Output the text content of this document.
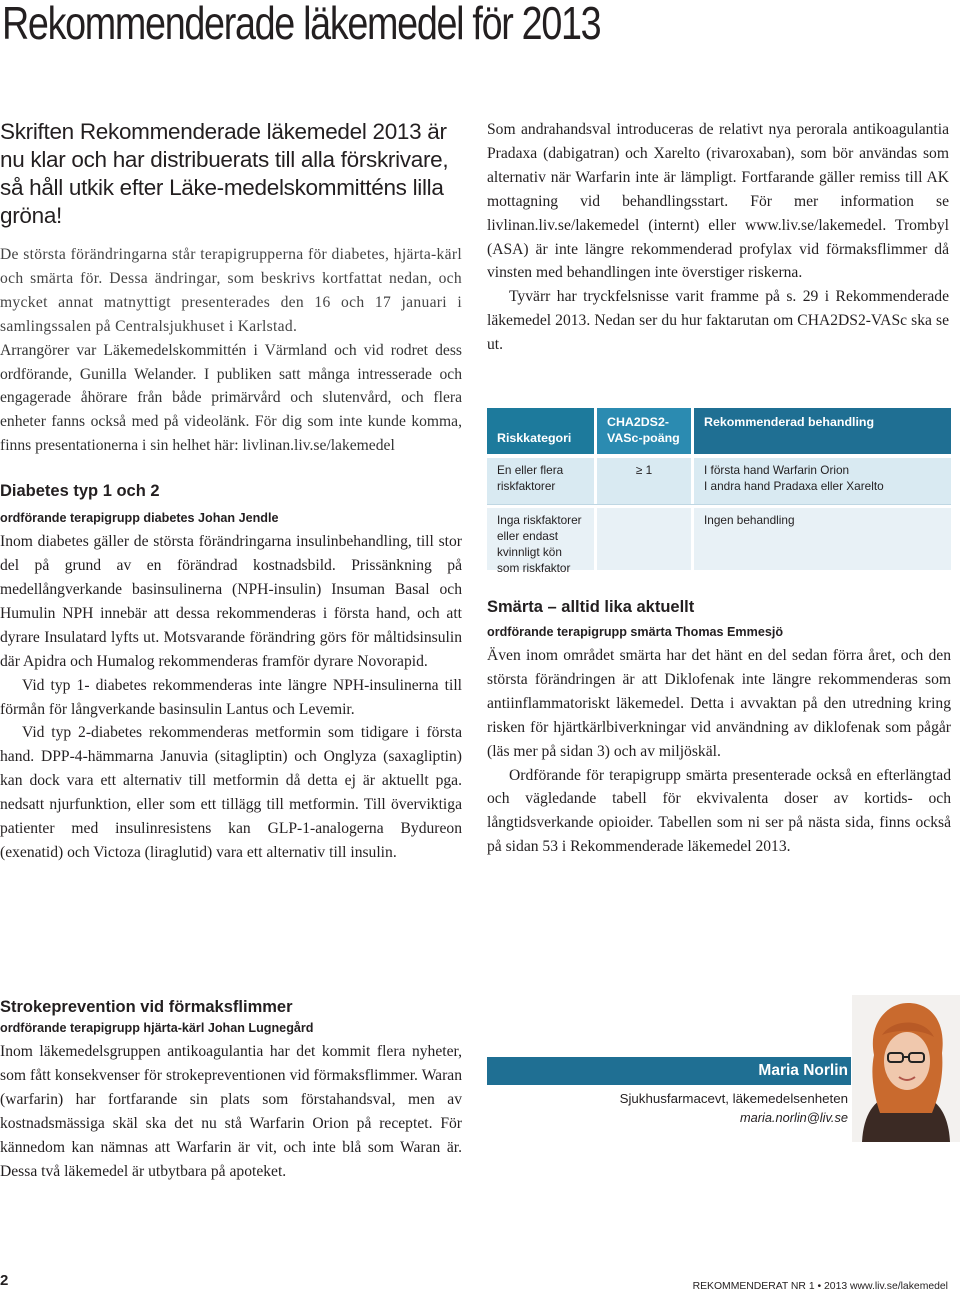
Rekommenderade läkemedel för 2013
Skriften Rekommenderade läkemedel 2013 är nu klar och har distribuerats till alla förskrivare, så håll utkik efter Läke-medelskommitténs lilla gröna!

De största förändringarna står terapigrupperna för diabetes, hjärta-kärl och smärta för. Dessa ändringar, som beskrivs kortfattat nedan, och mycket annat matnyttigt presenterades den 16 och 17 januari i samlingssalen på Centralsjukhuset i Karlstad.

Arrangörer var Läkemedelskommittén i Värmland och vid rodret dess ordförande, Gunilla Welander. I publiken satt många intresserade och engagerade åhörare från både primärvård och slutenvård, och flera enheter fanns också med på videolänk. För dig som inte kunde komma, finns presentationerna i sin helhet här: livlinan.liv.se/lakemedel

Diabetes typ 1 och 2
ordförande terapigrupp diabetes Johan Jendle

Inom diabetes gäller de största förändringarna insulinbehandling, till stor del på grund av en förändrad kostnadsbild. Prissänkning på medellångverkande basinsulinerna (NPH-insulin) Insuman Basal och Humulin NPH innebär att dessa rekommenderas i första hand, och att dyrare Insulatard lyfts ut. Motsvarande förändring görs för måltidsinsulin där Apidra och Humalog rekommenderas framför dyrare Novorapid.

Vid typ 1- diabetes rekommenderas inte längre NPH-insulinerna till förmån för långverkande basinsulin Lantus och Levemir.

Vid typ 2-diabetes rekommenderas metformin som tidigare i första hand. DPP-4-hämmarna Januvia (sitagliptin) och Onglyza (saxagliptin) kan dock vara ett alternativ till metformin då detta ej är aktuellt pga. nedsatt njurfunktion, eller som ett tillägg till metformin. Till överviktiga patienter med insulinresistens kan GLP-1-analogerna Bydureon (exenatid) och Victoza (liraglutid) vara ett alternativ till insulin.

Strokeprevention vid förmaksflimmer
ordförande terapigrupp hjärta-kärl Johan Lugnegård

Inom läkemedelsgruppen antikoagulantia har det kommit flera nyheter, som fått konsekvenser för strokepreventionen vid förmaksflimmer. Waran (warfarin) har fortfarande sin plats som förstahandsval, men av kostnadsmässiga skäl ska det nu stå Warfarin Orion på receptet. För kännedom kan nämnas att Warfarin är vit, och inte blå som Waran är. Dessa två läkemedel är utbytbara på apoteket.

Som andrahandsval introduceras de relativt nya perorala antikoagulantia Pradaxa (dabigatran) och Xarelto (rivaroxaban), som bör användas som alternativ när Warfarin inte är lämpligt. Fortfarande gäller remiss till AK mottagning vid behandlingsstart. För mer information se livlinan.liv.se/lakemedel (internt) eller www.liv.se/lakemedel. Trombyl (ASA) är inte längre rekommenderad profylax vid förmaksflimmer då vinsten med behandlingen inte överstiger riskerna.

Tyvärr har tryckfelsnisse varit framme på s. 29 i Rekommenderade läkemedel 2013. Nedan ser du hur faktarutan om CHA2DS2-VASc ska se ut.

Riskkategori
CHA2DS2-VASc-poäng
Rekommenderad behandling
En eller flera riskfaktorer
≥ 1	I första hand Warfarin Orion
I andra hand Pradaxa eller Xarelto
Inga riskfaktorer eller endast kvinnligt kön som riskfaktor
Ingen behandling
Smärta – alltid lika aktuellt
ordförande terapigrupp smärta Thomas Emmesjö

Även inom området smärta har det hänt en del sedan förra året, och den största förändringen är att Diklofenak inte längre rekommenderas som antiinflammatoriskt läkemedel. Detta i avvaktan på den utredning kring risken för hjärtkärlbiverkningar vid användning av diklofenak som pågår (läs mer på sidan 3) och av miljöskäl.

Ordförande för terapigrupp smärta presenterade också en efterlängtad och vägledande tabell för ekvivalenta doser av kortids- och långtidsverkande opioider. Tabellen som ni ser på nästa sida, finns också på sidan 53 i Rekommenderade läkemedel 2013.

Maria Norlin
Sjukhusfarmacevt, läkemedelsenheten
maria.norlin@liv.se
2	REKOMMENDERAT NR 1 • 2013 www.liv.se/lakemedel
